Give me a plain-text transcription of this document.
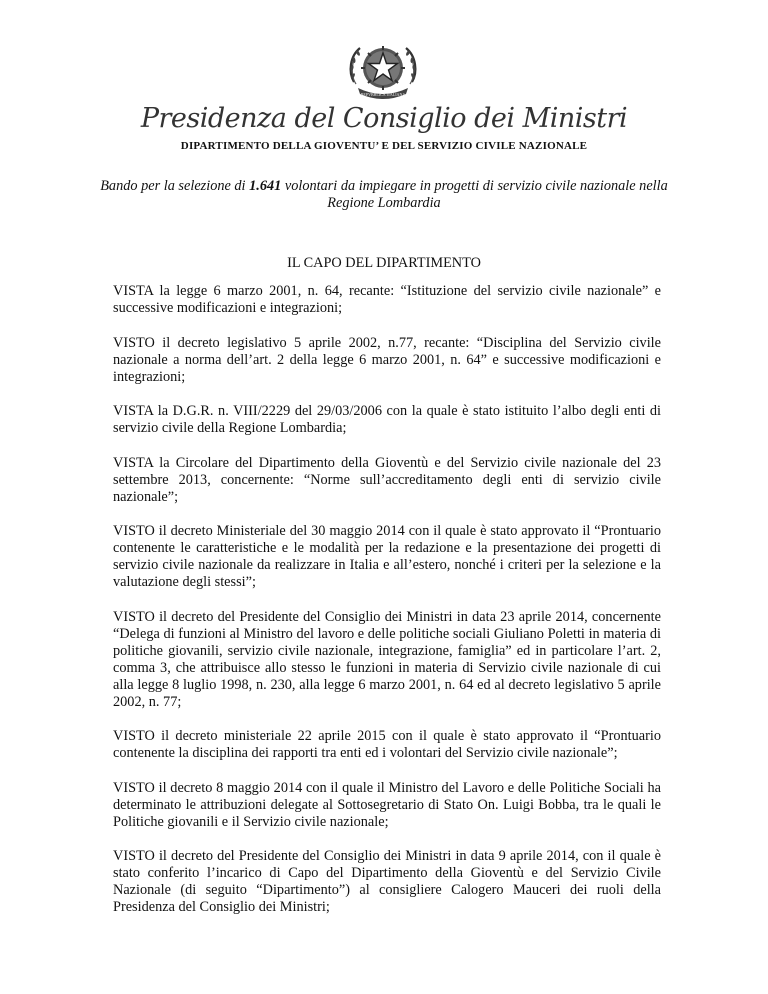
REPVBBLICA ITALIANA
Presidenza del Consiglio dei Ministri
DIPARTIMENTO DELLA GIOVENTU’ E DEL SERVIZIO CIVILE NAZIONALE
Bando per la selezione di 1.641 volontari da impiegare in progetti di servizio civile nazionale nella Regione Lombardia
IL CAPO DEL DIPARTIMENTO

VISTA la legge 6 marzo 2001, n. 64, recante: “Istituzione del servizio civile nazionale” e successive modificazioni e integrazioni;

VISTO il decreto legislativo 5 aprile 2002, n.77, recante: “Disciplina del Servizio civile nazionale a norma dell’art. 2 della legge 6 marzo 2001, n. 64” e successive modificazioni e integrazioni;

VISTA la D.G.R. n. VIII/2229 del 29/03/2006 con la quale è stato istituito l’albo degli enti di servizio civile della Regione Lombardia;

VISTA la Circolare del Dipartimento della Gioventù e del Servizio civile nazionale del 23 settembre 2013, concernente: “Norme sull’accreditamento degli enti di servizio civile nazionale”;

VISTO il decreto Ministeriale del 30 maggio 2014 con il quale è stato approvato il “Prontuario contenente le caratteristiche e le modalità per la redazione e la presentazione dei progetti di servizio civile nazionale da realizzare in Italia e all’estero, nonché i criteri per la selezione e la valutazione degli stessi”;

VISTO il decreto del Presidente del Consiglio dei Ministri in data 23 aprile 2014, concernente “Delega di funzioni al Ministro del lavoro e delle politiche sociali Giuliano Poletti in materia di politiche giovanili, servizio civile nazionale, integrazione, famiglia” ed in particolare l’art. 2, comma 3, che attribuisce allo stesso le funzioni in materia di Servizio civile nazionale di cui alla legge 8 luglio 1998, n. 230, alla legge 6 marzo 2001, n. 64 ed al decreto legislativo 5 aprile 2002, n. 77;

VISTO il decreto ministeriale 22 aprile 2015 con il quale è stato approvato il “Prontuario contenente la disciplina dei rapporti tra enti ed i volontari del Servizio civile nazionale”;

VISTO il decreto 8 maggio 2014 con il quale il Ministro del Lavoro e delle Politiche Sociali ha determinato le attribuzioni delegate al Sottosegretario di Stato On. Luigi Bobba, tra le quali le Politiche giovanili e il Servizio civile nazionale;

VISTO il decreto del Presidente del Consiglio dei Ministri in data 9 aprile 2014, con il quale è stato conferito l’incarico di Capo del Dipartimento della Gioventù e del Servizio Civile Nazionale (di seguito “Dipartimento”) al consigliere Calogero Mauceri dei ruoli della Presidenza del Consiglio dei Ministri;
